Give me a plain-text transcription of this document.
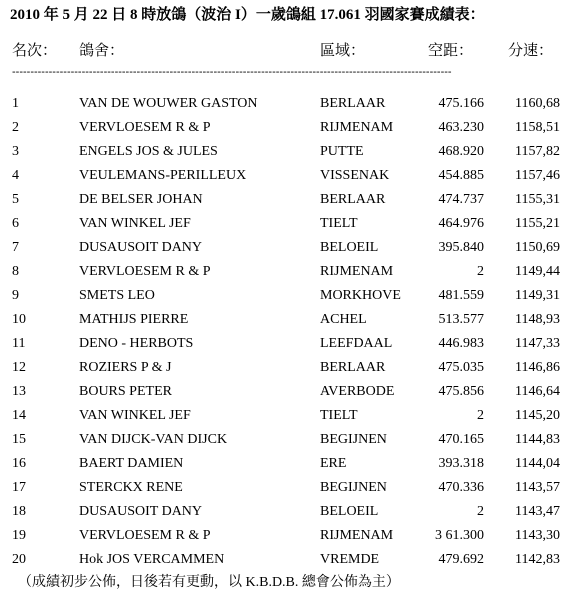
2010 年 5 月 22 日 8 時放鴿（波治 I）一歲鴿組 17.061 羽國家賽成績表：
名次： 鴿舍：	區域：	空距： 分速：
------------------------------------------------------------------------------------------------------------------------
1	VAN DE WOUWER GASTON	BERLAAR	475.166	1160,68
2	VERVLOESEM R & P	RIJMENAM	463.230	1158,51
3	ENGELS JOS & JULES	PUTTE	468.920	1157,82
4	VEULEMANS-PERILLEUX	VISSENAK	454.885	1157,46
5	DE BELSER JOHAN	BERLAAR	474.737	1155,31
6	VAN WINKEL JEF	TIELT	464.976	1155,21
7	DUSAUSOIT DANY	BELOEIL	395.840	1150,69
8	VERVLOESEM R & P	RIJMENAM	2	1149,44
9	SMETS LEO	MORKHOVE	481.559	1149,31
10	MATHIJS PIERRE	ACHEL	513.577	1148,93
11	DENO - HERBOTS	LEEFDAAL	446.983	1147,33
12	ROZIERS P & J	BERLAAR	475.035	1146,86
13	BOURS PETER	AVERBODE	475.856	1146,64
14	VAN WINKEL JEF	TIELT	2	1145,20
15	VAN DIJCK-VAN DIJCK	BEGIJNEN	470.165	1144,83
16	BAERT DAMIEN	ERE	393.318	1144,04
17	STERCKX RENE	BEGIJNEN	470.336	1143,57
18	DUSAUSOIT DANY	BELOEIL	2	1143,47
19	VERVLOESEM R & P	RIJMENAM	3 61.300	1143,30
20	Hok JOS VERCAMMEN	VREMDE	479.692	1142,83
（成績初步公佈，日後若有更動，以 K.B.D.B. 總會公佈為主）
